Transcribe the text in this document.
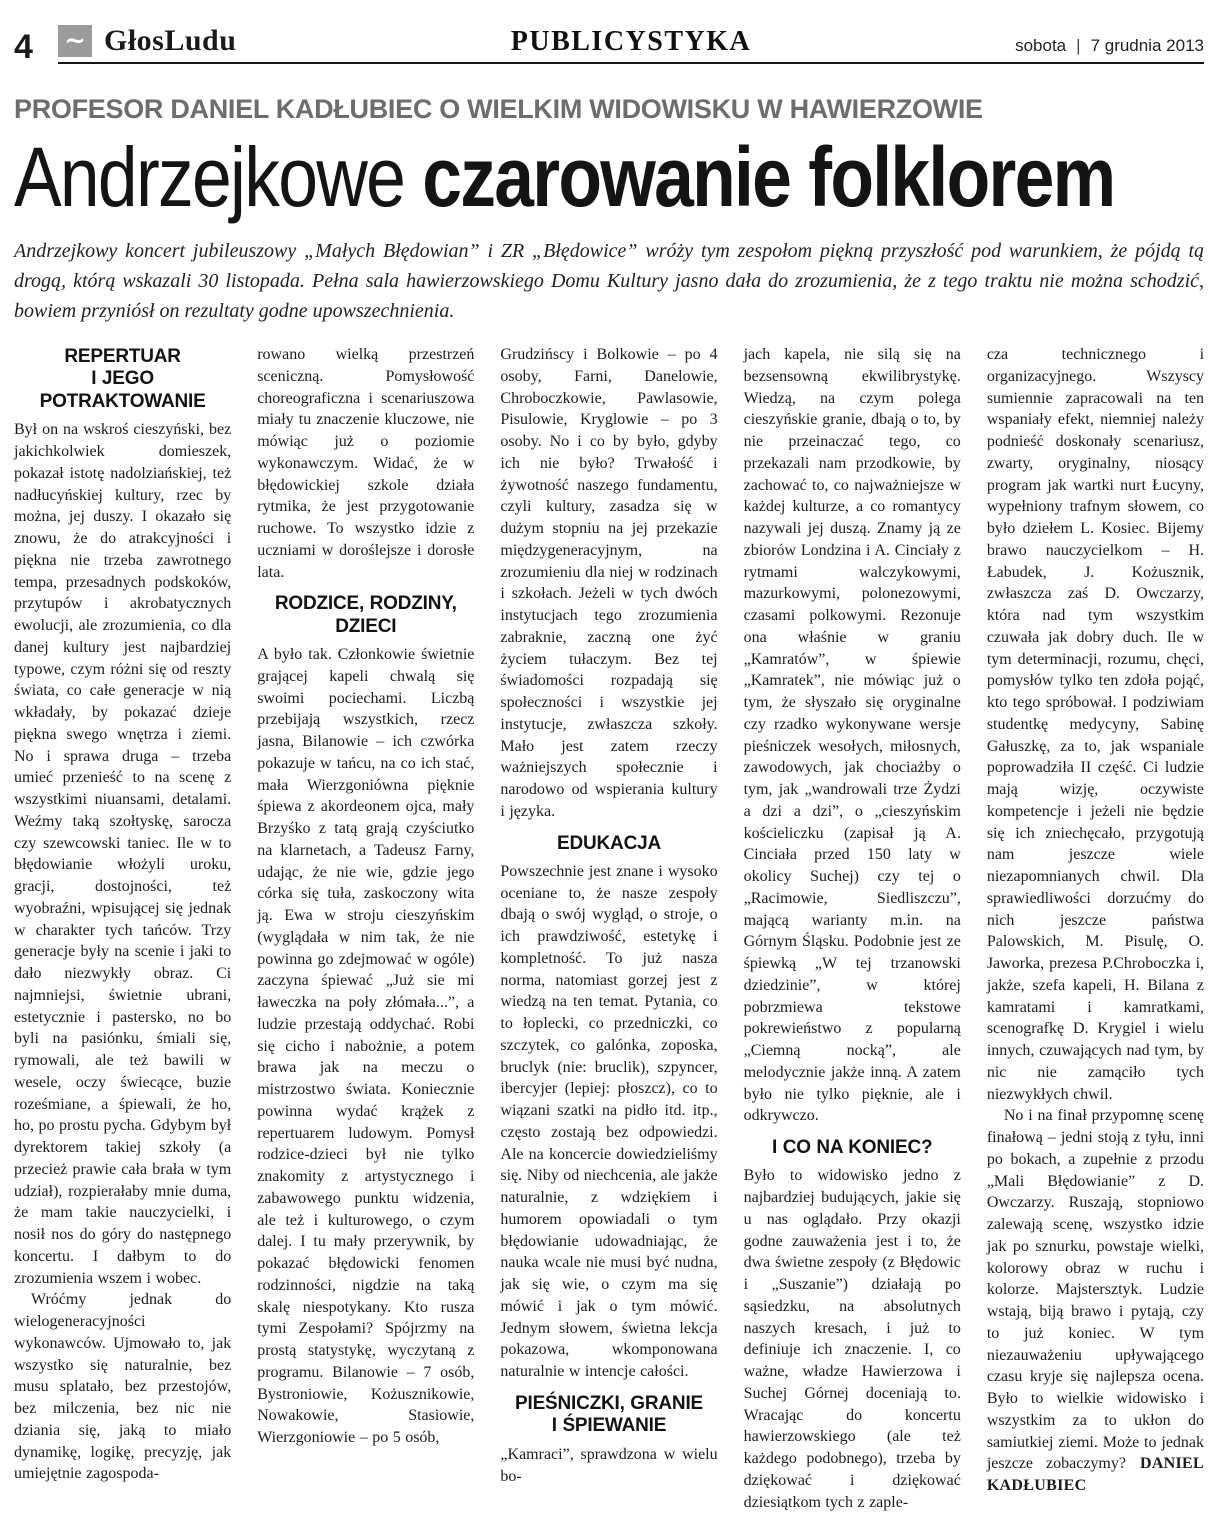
4	∼ GłosLudu	PUBLICYSTYKA	sobota | 7 grudnia 2013
PROFESOR DANIEL KADŁUBIEC O WIELKIM WIDOWISKU W HAWIERZOWIE
Andrzejkowe czarowanie folklorem
Andrzejkowy koncert jubileuszowy „Małych Błędowian” i ZR „Błędowice” wróży tym zespołom piękną przyszłość pod warunkiem, że pójdą tą drogą, którą wskazali 30 listopada. Pełna sala hawierzowskiego Domu Kultury jasno dała do zrozumienia, że z tego traktu nie można schodzić, bowiem przyniósł on rezultaty godne upowszechnienia.
REPERTUAR
I JEGO POTRAKTOWANIE

Był on na wskroś cieszyński, bez jakichkolwiek domieszek, pokazał istotę nadolziańskiej, też nadłucyńskiej kultury, rzec by można, jej duszy. I okazało się znowu, że do atrakcyjności i piękna nie trzeba zawrotnego tempa, przesadnych podskoków, przytupów i akrobatycznych ewolucji, ale zrozumienia, co dla danej kultury jest najbardziej typowe, czym różni się od reszty świata, co całe generacje w nią wkładały, by pokazać dzieje piękna swego wnętrza i ziemi. No i sprawa druga – trzeba umieć przenieść to na scenę z wszystkimi niuansami, detalami. Weźmy taką szołtyskę, sarocza czy szewcowski taniec. Ile w to błędowianie włożyli uroku, gracji, dostojności, też wyobraźni, wpisującej się jednak w charakter tych tańców. Trzy generacje były na scenie i jaki to dało niezwykły obraz. Ci najmniejsi, świetnie ubrani, estetycznie i pastersko, no bo byli na pasiónku, śmiali się, rymowali, ale też bawili w wesele, oczy świecące, buzie roześmiane, a śpiewali, że ho, ho, po prostu pycha. Gdybym był dyrektorem takiej szkoły (a przecież prawie cała brała w tym udział), rozpierałaby mnie duma, że mam takie nauczycielki, i nosił nos do góry do następnego koncertu. I dałbym to do zrozumienia wszem i wobec.

Wróćmy jednak do wielogeneracyjności wykonawców. Ujmowało to, jak wszystko się naturalnie, bez musu splatało, bez przestojów, bez milczenia, bez nic nie dziania się, jaką to miało dynamikę, logikę, precyzję, jak umiejętnie zagospoda-

rowano wielką przestrzeń sceniczną. Pomysłowość choreograficzna i scenariuszowa miały tu znaczenie kluczowe, nie mówiąc już o poziomie wykonawczym. Widać, że w błędowickiej szkole działa rytmika, że jest przygotowanie ruchowe. To wszystko idzie z uczniami w doroślejsze i dorosłe lata.

RODZICE, RODZINY,
DZIECI

A było tak. Członkowie świetnie grającej kapeli chwalą się swoimi pociechami. Liczbą przebijają wszystkich, rzecz jasna, Bilanowie – ich czwórka pokazuje w tańcu, na co ich stać, mała Wierzgoniówna pięknie śpiewa z akordeonem ojca, mały Brzyśko z tatą grają czyściutko na klarnetach, a Tadeusz Farny, udając, że nie wie, gdzie jego córka się tuła, zaskoczony wita ją. Ewa w stroju cieszyńskim (wyglądała w nim tak, że nie powinna go zdejmować w ogóle) zaczyna śpiewać „Już sie mi ławeczka na poły złómała...”, a ludzie przestają oddychać. Robi się cicho i nabożnie, a potem brawa jak na meczu o mistrzostwo świata. Koniecznie powinna wydać krążek z repertuarem ludowym. Pomysł rodzice-dzieci był nie tylko znakomity z artystycznego i zabawowego punktu widzenia, ale też i kulturowego, o czym dalej. I tu mały przerywnik, by pokazać błędowicki fenomen rodzinności, nigdzie na taką skalę niespotykany. Kto rusza tymi Zespołami? Spójrzmy na prostą statystykę, wyczytaną z programu. Bilanowie – 7 osób, Bystroniowie, Kożusznikowie, Nowakowie, Stasiowie, Wierzgoniowie – po 5 osób,

Grudzińscy i Bolkowie – po 4 osoby, Farni, Danelowie, Chroboczkowie, Pawlasowie, Pisulowie, Kryglowie – po 3 osoby. No i co by było, gdyby ich nie było? Trwałość i żywotność naszego fundamentu, czyli kultury, zasadza się w dużym stopniu na jej przekazie międzygeneracyjnym, na zrozumieniu dla niej w rodzinach i szkołach. Jeżeli w tych dwóch instytucjach tego zrozumienia zabraknie, zaczną one żyć życiem tułaczym. Bez tej świadomości rozpadają się społeczności i wszystkie jej instytucje, zwłaszcza szkoły. Mało jest zatem rzeczy ważniejszych społecznie i narodowo od wspierania kultury i języka.

EDUKACJA

Powszechnie jest znane i wysoko oceniane to, że nasze zespoły dbają o swój wygląd, o stroje, o ich prawdziwość, estetykę i kompletność. To już nasza norma, natomiast gorzej jest z wiedzą na ten temat. Pytania, co to łoplecki, co przedniczki, co szczytek, co galónka, zoposka, bruclyk (nie: bruclik), szpyncer, ibercyjer (lepiej: płoszcz), co to wiązani szatki na pidło itd. itp., często zostają bez odpowiedzi. Ale na koncercie dowiedzieliśmy się. Niby od niechcenia, ale jakże naturalnie, z wdziękiem i humorem opowiadali o tym błędowianie udowadniając, że nauka wcale nie musi być nudna, jak się wie, o czym ma się mówić i jak o tym mówić. Jednym słowem, świetna lekcja pokazowa, wkomponowana naturalnie w intencje całości.

PIEŚNICZKI, GRANIE
I ŚPIEWANIE

„Kamraci”, sprawdzona w wielu bo-

jach kapela, nie silą się na bezsensowną ekwilibrystykę. Wiedzą, na czym polega cieszyńskie granie, dbają o to, by nie przeinaczać tego, co przekazali nam przodkowie, by zachować to, co najważniejsze w każdej kulturze, a co romantycy nazywali jej duszą. Znamy ją ze zbiorów Londzina i A. Cinciały z rytmami walczykowymi, mazurkowymi, polonezowymi, czasami polkowymi. Rezonuje ona właśnie w graniu „Kamratów”, w śpiewie „Kamratek”, nie mówiąc już o tym, że słyszało się oryginalne czy rzadko wykonywane wersje pieśniczek wesołych, miłosnych, zawodowych, jak chociażby o tym, jak „wandrowali trze Żydzi a dzi a dzi”, o „cieszyńskim kościeliczku (zapisał ją A. Cinciała przed 150 laty w okolicy Suchej) czy tej o „Racimowie, Siedliszczu”, mającą warianty m.in. na Górnym Śląsku. Podobnie jest ze śpiewką „W tej trzanowski dziedzinie”, w której pobrzmiewa tekstowe pokrewieństwo z popularną „Ciemną nocką”, ale melodycznie jakże inną. A zatem było nie tylko pięknie, ale i odkrywczo.

I CO NA KONIEC?

Było to widowisko jedno z najbardziej budujących, jakie się u nas oglądało. Przy okazji godne zauważenia jest i to, że dwa świetne zespoły (z Błędowic i „Suszanie”) działają po sąsiedzku, na absolutnych naszych kresach, i już to definiuje ich znaczenie. I, co ważne, władze Hawierzowa i Suchej Górnej doceniają to. Wracając do koncertu hawierzowskiego (ale też każdego podobnego), trzeba by dziękować i dziękować dziesiątkom tych z zaple-

cza technicznego i organizacyjnego. Wszyscy sumiennie zapracowali na ten wspaniały efekt, niemniej należy podnieść doskonały scenariusz, zwarty, oryginalny, niosący program jak wartki nurt Łucyny, wypełniony trafnym słowem, co było dziełem L. Kosiec. Bijemy brawo nauczycielkom – H. Łabudek, J. Kożusznik, zwłaszcza zaś D. Owczarzy, która nad tym wszystkim czuwała jak dobry duch. Ile w tym determinacji, rozumu, chęci, pomysłów tylko ten zdoła pojąć, kto tego spróbował. I podziwiam studentkę medycyny, Sabinę Gałuszkę, za to, jak wspaniale poprowadziła II część. Ci ludzie mają wizję, oczywiste kompetencje i jeżeli nie będzie się ich zniechęcało, przygotują nam jeszcze wiele niezapomnianych chwil. Dla sprawiedliwości dorzućmy do nich jeszcze państwa Palowskich, M. Pisulę, O. Jaworka, prezesa P.Chroboczka i, jakże, szefa kapeli, H. Bilana z kamratami i kamratkami, scenografkę D. Krygiel i wielu innych, czuwających nad tym, by nic nie zamąciło tych niezwykłych chwil.

No i na finał przypomnę scenę finałową – jedni stoją z tyłu, inni po bokach, a zupełnie z przodu „Mali Błędowianie” z D. Owczarzy. Ruszają, stopniowo zalewają scenę, wszystko idzie jak po sznurku, powstaje wielki, kolorowy obraz w ruchu i kolorze. Majstersztyk. Ludzie wstają, biją brawo i pytają, czy to już koniec. W tym niezauważeniu upływającego czasu kryje się najlepsza ocena. Było to wielkie widowisko i wszystkim za to ukłon do samiutkiej ziemi. Może to jednak jeszcze zobaczymy? DANIEL KADŁUBIEC
